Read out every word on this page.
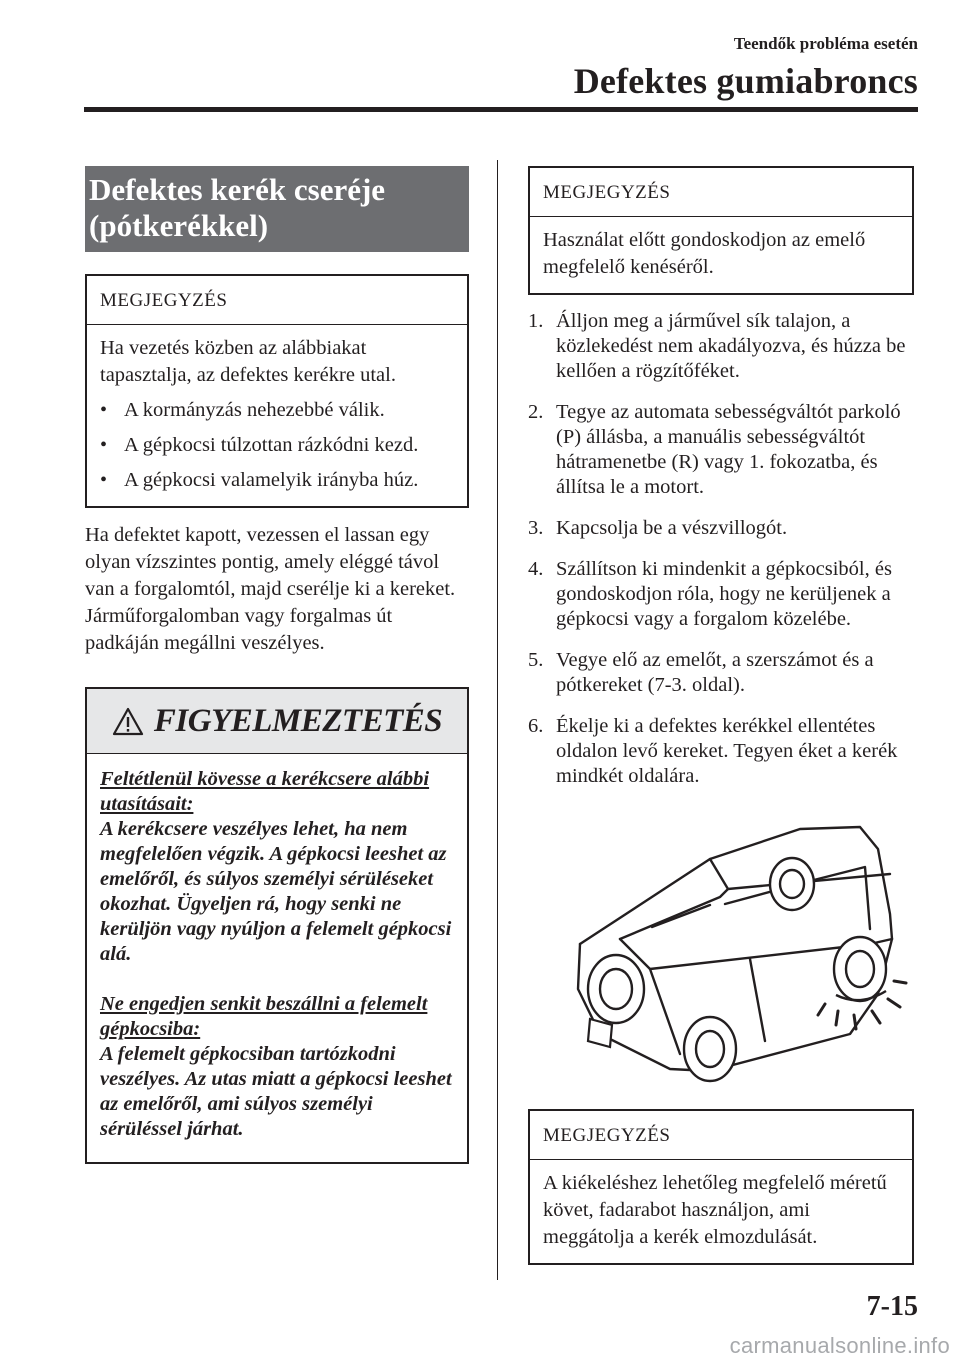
Teendők probléma esetén
Defektes gumiabroncs
Defektes kerék cseréje
(pótkerékkel)
MEGJEGYZÉS
Ha vezetés közben az alábbiakat tapasztalja, az defektes kerékre utal.
• A kormányzás nehezebbé válik.
• A gépkocsi túlzottan rázkódni kezd.
• A gépkocsi valamelyik irányba húz.

Ha defektet kapott, vezessen el lassan egy olyan vízszintes pontig, amely eléggé távol van a forgalomtól, majd cserélje ki a kereket. Járműforgalomban vagy forgalmas út padkáján megállni veszélyes.

FIGYELMEZTETÉS
Feltétlenül kövesse a kerékcsere alábbi utasításait:
A kerékcsere veszélyes lehet, ha nem megfelelően végzik. A gépkocsi leeshet az emelőről, és súlyos személyi sérüléseket okozhat. Ügyeljen rá, hogy senki ne kerüljön vagy nyúljon a felemelt gépkocsi alá.
Ne engedjen senkit beszállni a felemelt gépkocsiba:
A felemelt gépkocsiban tartózkodni veszélyes. Az utas miatt a gépkocsi leeshet az emelőről, ami súlyos személyi sérüléssel járhat.
MEGJEGYZÉS
Használat előtt gondoskodjon az emelő megfelelő kenéséről.
1. Álljon meg a járművel sík talajon, a közlekedést nem akadályozva, és húzza be kellően a rögzítőféket.
2. Tegye az automata sebességváltót parkoló (P) állásba, a manuális sebességváltót hátramenetbe (R) vagy 1. fokozatba, és állítsa le a motort.
3. Kapcsolja be a vészvillogót.
4. Szállítson ki mindenkit a gépkocsiból, és gondoskodjon róla, hogy ne kerüljenek a gépkocsi vagy a forgalom közelébe.
5. Vegye elő az emelőt, a szerszámot és a pótkereket (7-3. oldal).
6. Ékelje ki a defektes kerékkel ellentétes oldalon levő kereket. Tegyen éket a kerék mindkét oldalára.
MEGJEGYZÉS
A kiékeléshez lehetőleg megfelelő méretű követ, fadarabot használjon, ami meggátolja a kerék elmozdulását.
7-15
carmanualsonline.info
